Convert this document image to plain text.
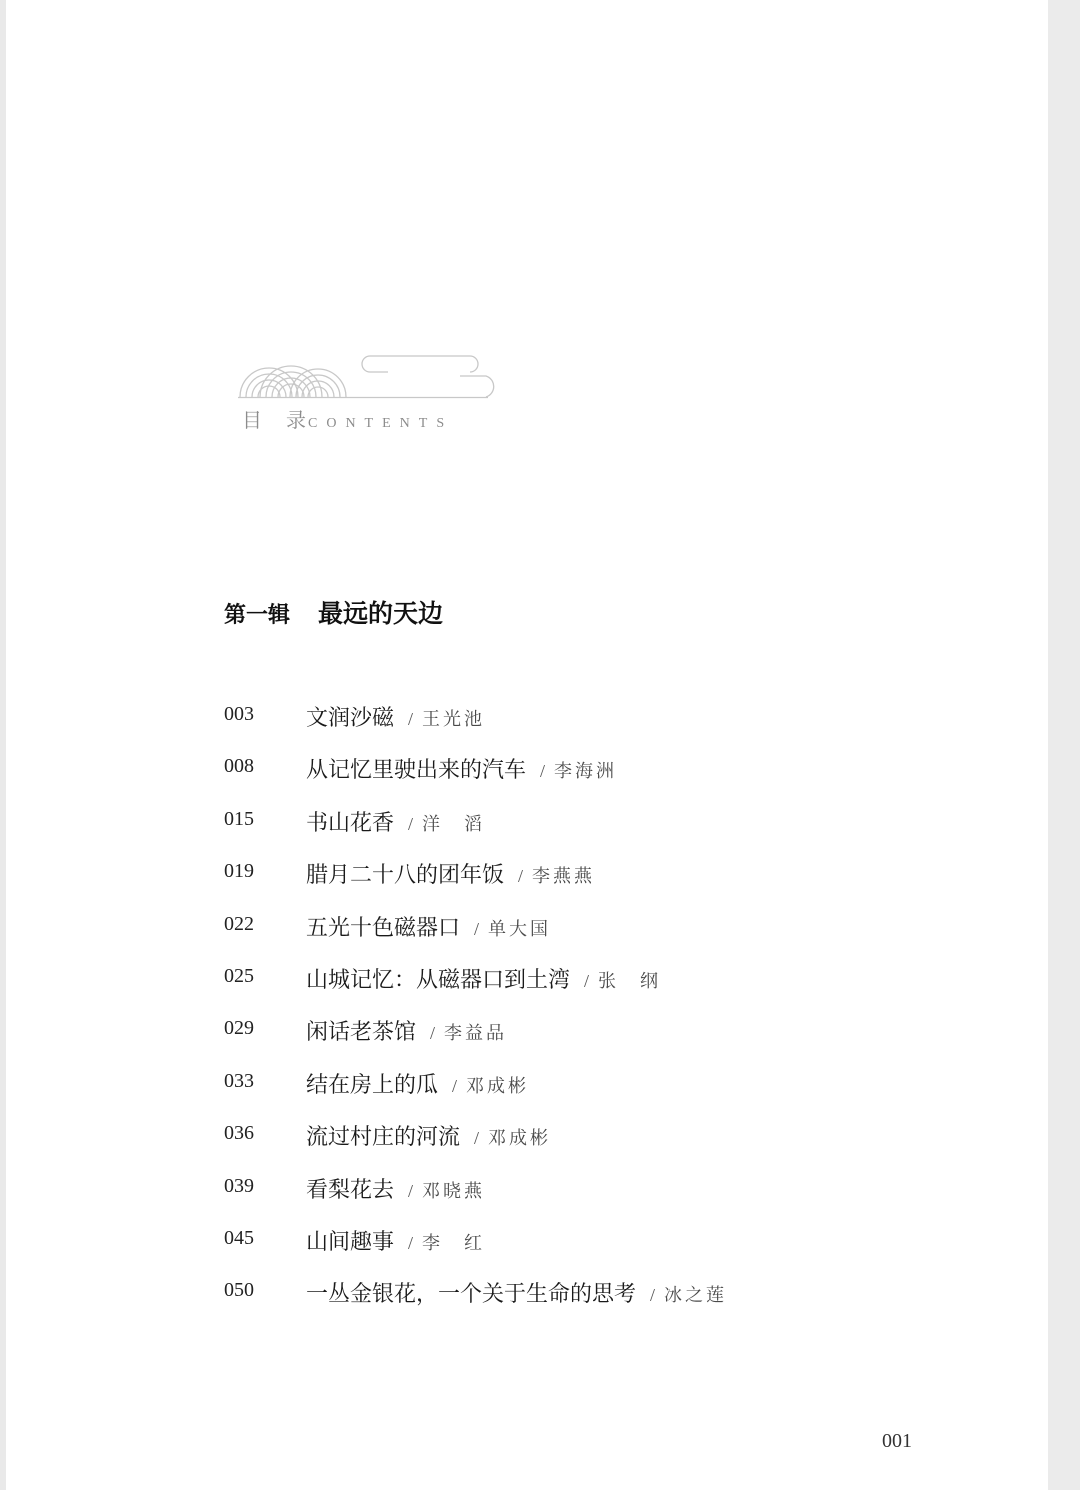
目 录 CONTENTS
第一辑 最远的天边
003 文润沙磁 / 王光池
008 从记忆里驶出来的汽车 / 李海洲
015 书山花香 / 洋　滔
019 腊月二十八的团年饭 / 李燕燕
022 五光十色磁器口 / 单大国
025 山城记忆：从磁器口到土湾 / 张　纲
029 闲话老茶馆 / 李益品
033 结在房上的瓜 / 邓成彬
036 流过村庄的河流 / 邓成彬
039 看梨花去 / 邓晓燕
045 山间趣事 / 李　红
050 一丛金银花，一个关于生命的思考 / 冰之莲
001
